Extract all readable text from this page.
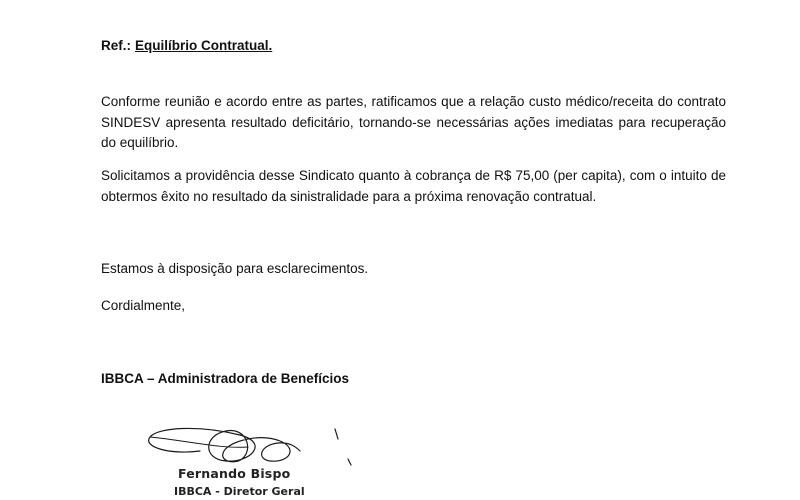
Ref.: Equilíbrio Contratual.
Conforme reunião e acordo entre as partes, ratificamos que a relação custo médico/receita do contrato SINDESV apresenta resultado deficitário, tornando-se necessárias ações imediatas para recuperação do equilíbrio.
Solicitamos a providência desse Sindicato quanto à cobrança de R$ 75,00 (per capita), com o intuito de obtermos êxito no resultado da sinistralidade para a próxima renovação contratual.
Estamos à disposição para esclarecimentos.
Cordialmente,
IBBCA – Administradora de Benefícios
Fernando Bispo
IBBCA - Diretor Geral
